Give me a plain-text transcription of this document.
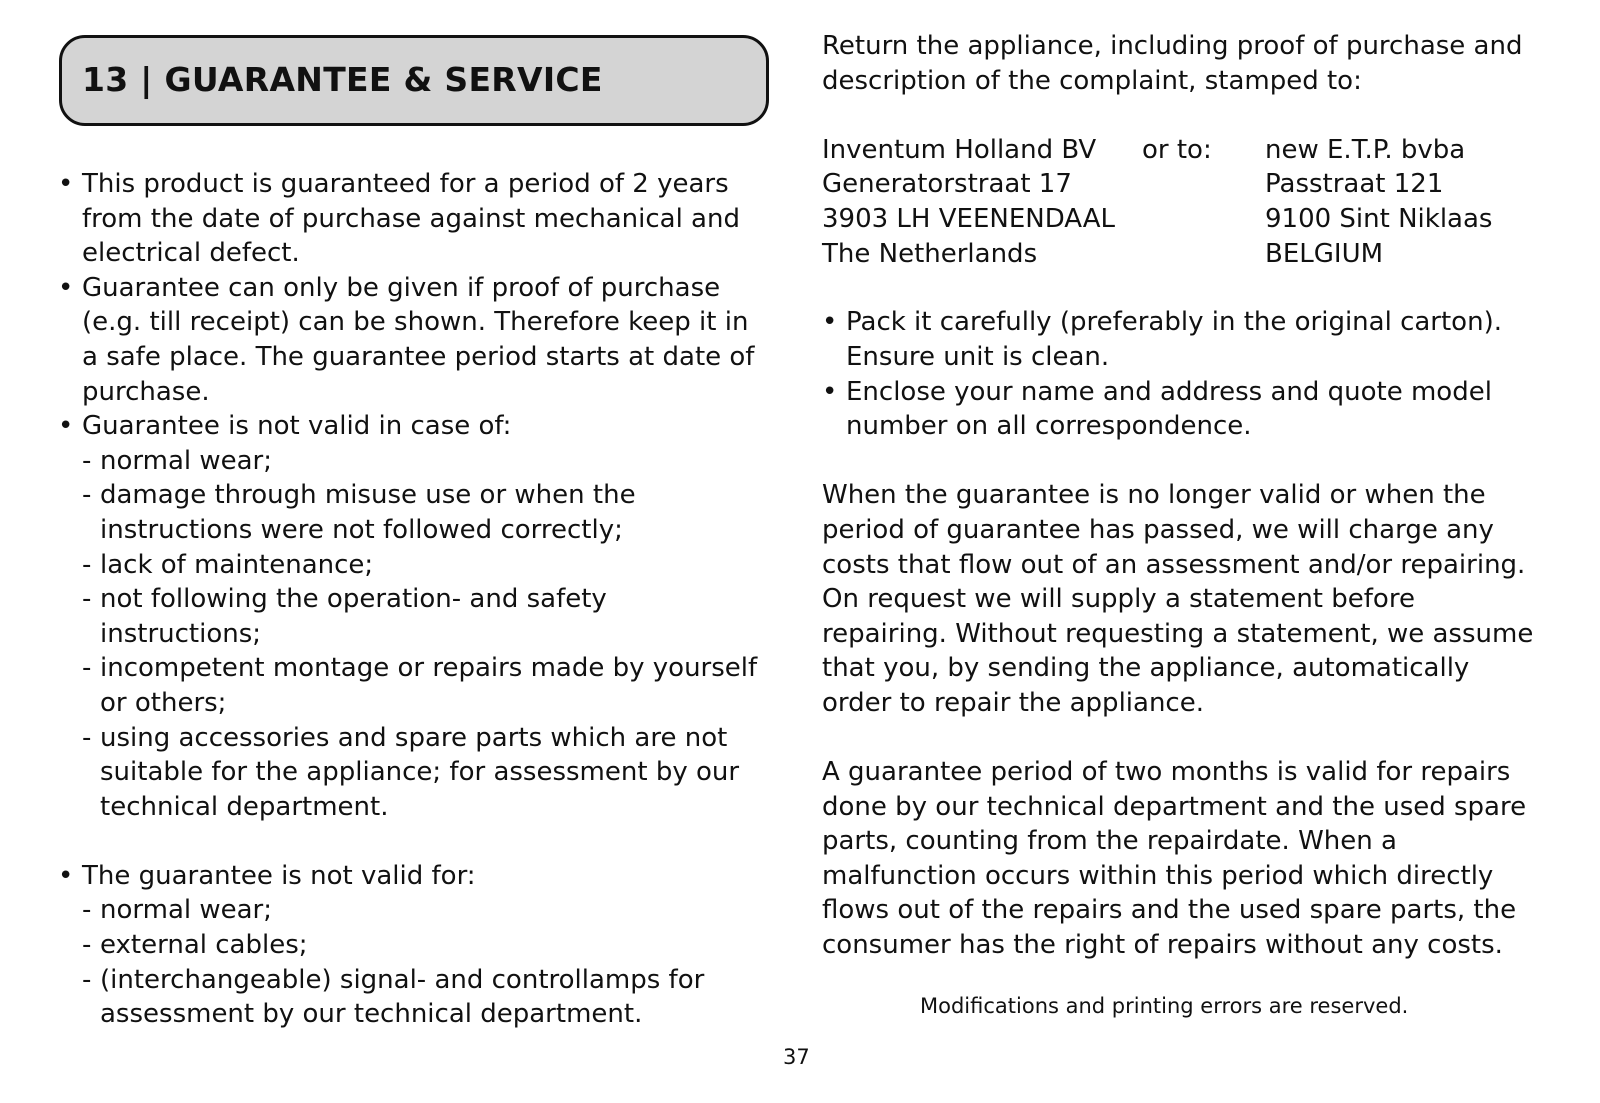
13 | GUARANTEE & SERVICE
• This product is guaranteed for a period of 2 years
from the date of purchase against mechanical and
electrical defect.
• Guarantee can only be given if proof of purchase
(e.g. till receipt) can be shown. Therefore keep it in
a safe place. The guarantee period starts at date of
purchase.
• Guarantee is not valid in case of:
- normal wear;
- damage through misuse use or when the
instructions were not followed correctly;
- lack of maintenance;
- not following the operation- and safety
instructions;
- incompetent montage or repairs made by yourself
or others;
- using accessories and spare parts which are not
suitable for the appliance; for assessment by our
technical department.
• The guarantee is not valid for:
- normal wear;
- external cables;
- (interchangeable) signal- and controllamps for
assessment by our technical department.
Return the appliance, including proof of purchase and
description of the complaint, stamped to:
Inventum Holland BV
Generatorstraat 17
3903 LH VEENENDAAL
The Netherlands
or to: new E.T.P. bvba
Passtraat 121
9100 Sint Niklaas
BELGIUM
• Pack it carefully (preferably in the original carton).
Ensure unit is clean.
• Enclose your name and address and quote model
number on all correspondence.
When the guarantee is no longer valid or when the
period of guarantee has passed, we will charge any
costs that flow out of an assessment and/or repairing.
On request we will supply a statement before
repairing. Without requesting a statement, we assume
that you, by sending the appliance, automatically
order to repair the appliance.
A guarantee period of two months is valid for repairs
done by our technical department and the used spare
parts, counting from the repairdate. When a
malfunction occurs within this period which directly
flows out of the repairs and the used spare parts, the
consumer has the right of repairs without any costs.
Modifications and printing errors are reserved.
37
